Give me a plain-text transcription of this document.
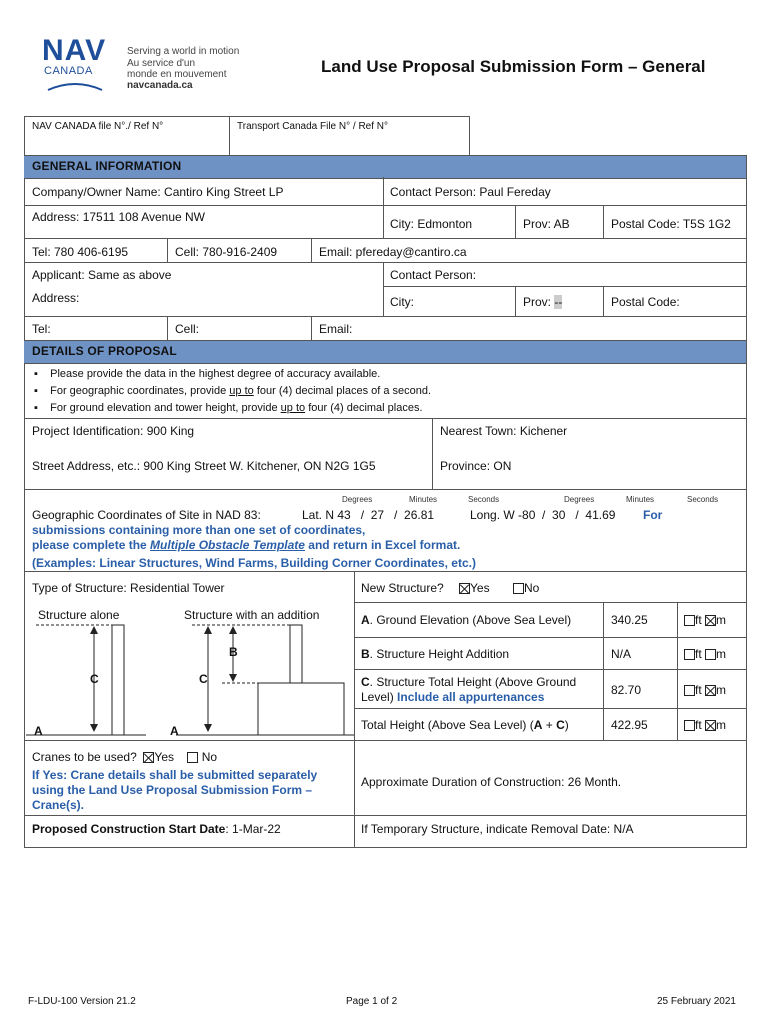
NAV
CANADA
Serving a world in motion
Au service d'un
monde en mouvement
navcanada.ca
Land Use Proposal Submission Form – General
NAV CANADA file N°./ Ref N°	Transport Canada File N° / Ref N°
GENERAL INFORMATION
Company/Owner Name: Cantiro King Street LP	Contact Person: Paul Fereday
Address: 17511 108 Avenue NW	City: Edmonton	Prov: AB	Postal Code: T5S 1G2
Tel: 780 406-6195	Cell: 780-916-2409	Email: pfereday@cantiro.ca
Applicant: Same as above	Contact Person:
Address:	City:	Prov: --	Postal Code:
Tel:	Cell:	Email:
DETAILS OF PROPOSAL
▪    Please provide the data in the highest degree of accuracy available.
▪    For geographic coordinates, provide up to four (4) decimal places of a second.
▪    For ground elevation and tower height, provide up to four (4) decimal places.
Project Identification: 900 King	Nearest Town: Kichener
Street Address, etc.: 900 King Street W. Kitchener, ON N2G 1G5	Province: ON
Degrees	Minutes	Seconds	Degrees	Minutes	Seconds
Geographic Coordinates of Site in NAD 83:	Lat. N 43   /  27   /  26.81	Long. W -80  /  30   /  41.69 For
submissions containing more than one set of coordinates,
please complete the Multiple Obstacle Template and return in Excel format.
(Examples: Linear Structures, Wind Farms, Building Corner Coordinates, etc.)
Type of Structure: Residential Tower	New Structure?	Yes	No
Structure alone	Structure with an addition
B
C	C
A	A
A. Ground Elevation (Above Sea Level)	340.25	ft m
B. Structure Height Addition	N/A	ft m
C. Structure Total Height (Above Ground
Level) Include all appurtenances	82.70	ft m
Total Height (Above Sea Level) (A + C)	422.95	ft m
Cranes to be used? Yes No
If Yes: Crane details shall be submitted separately
using the Land Use Proposal Submission Form –
Crane(s).
Approximate Duration of Construction: 26 Month.
Proposed Construction Start Date: 1-Mar-22	If Temporary Structure, indicate Removal Date: N/A
F-LDU-100 Version 21.2	Page 1 of 2	25 February 2021
